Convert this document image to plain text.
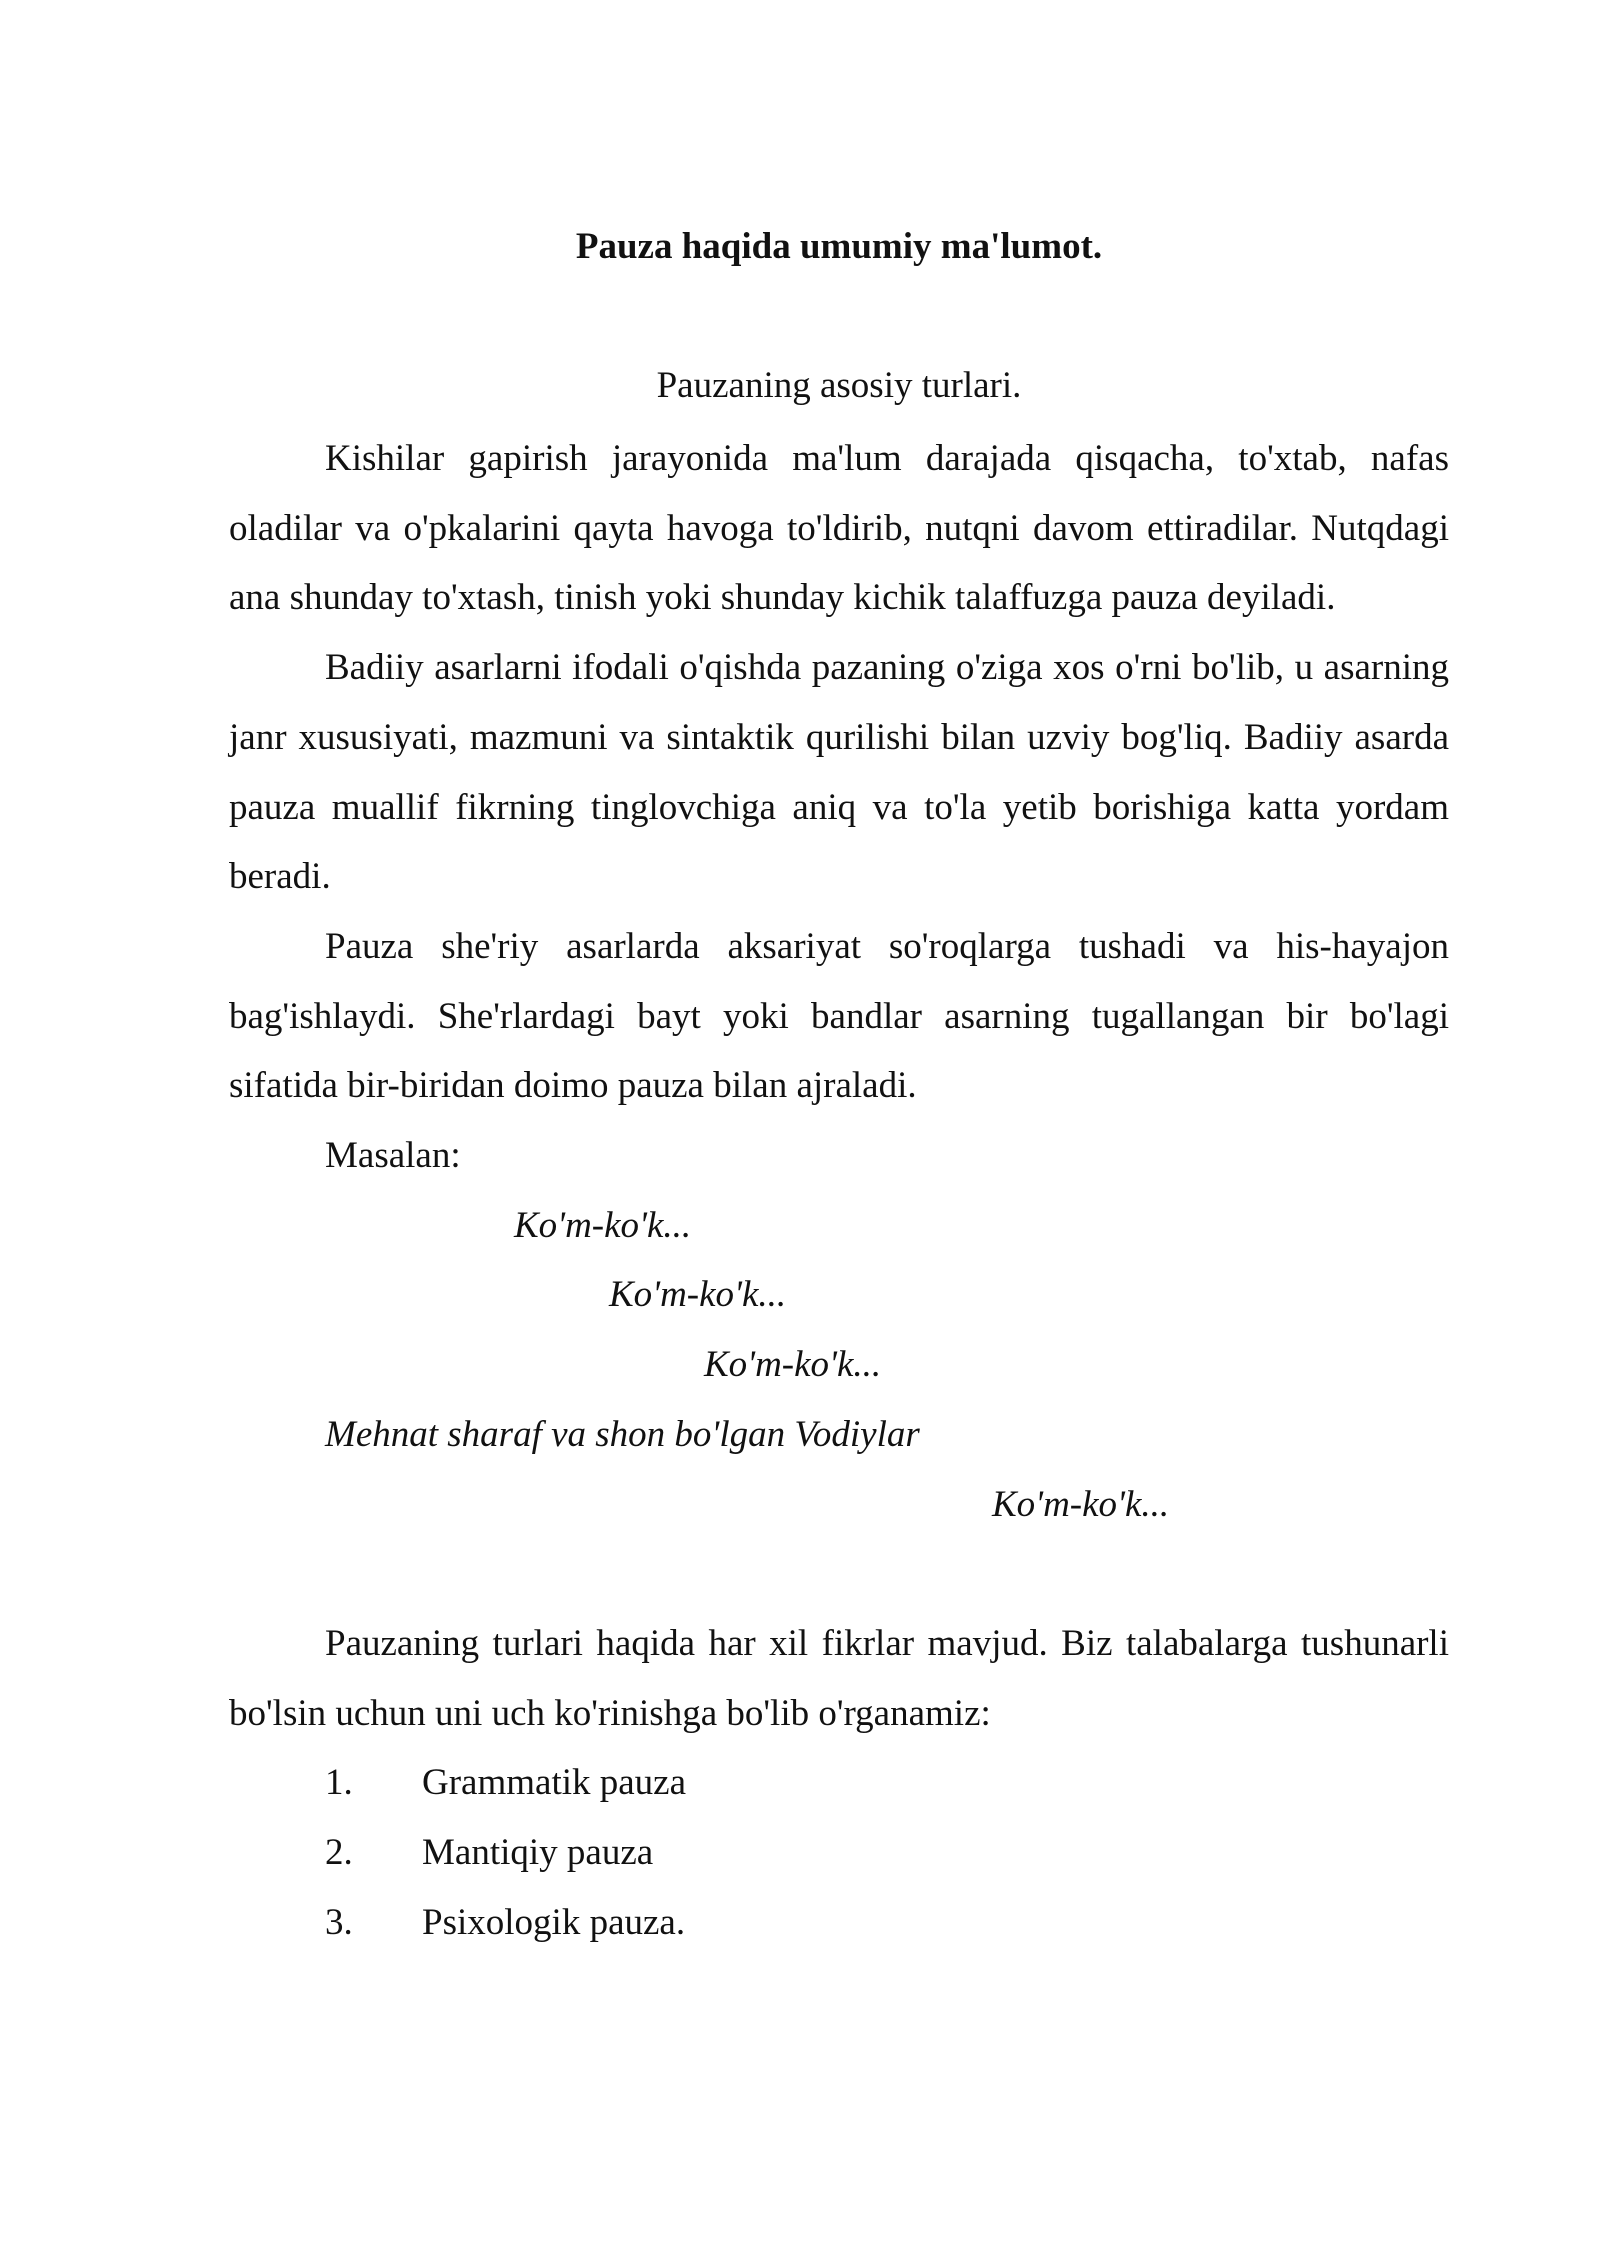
Pauza haqida umumiy ma'lumot.

Pauzaning asosiy turlari.

Kishilar gapirish jarayonida ma'lum darajada qisqacha, to'xtab, nafas oladilar va o'pkalarini qayta havoga to'ldirib, nutqni davom ettiradilar. Nutqdagi ana shunday to'xtash, tinish yoki shunday kichik talaffuzga pauza deyiladi.

Badiiy asarlarni ifodali o'qishda pazaning o'ziga xos o'rni bo'lib, u asarning janr xususiyati, mazmuni va sintaktik qurilishi bilan uzviy bog'liq. Badiiy asarda pauza muallif fikrning tinglovchiga aniq va to'la yetib borishiga katta yordam beradi.

Pauza she'riy asarlarda aksariyat so'roqlarga tushadi va his-hayajon bag'ishlaydi. She'rlardagi bayt yoki bandlar asarning tugallangan bir bo'lagi sifatida bir-biridan doimo pauza bilan ajraladi.

Masalan:

Ko'm-ko'k...

Ko'm-ko'k...

Ko'm-ko'k...

Mehnat sharaf va shon bo'lgan Vodiylar

Ko'm-ko'k...

Pauzaning turlari haqida har xil fikrlar mavjud. Biz talabalarga tushunarli bo'lsin uchun uni uch ko'rinishga bo'lib o'rganamiz:

1.	Grammatik pauza
2.	Mantiqiy pauza
3.	Psixologik pauza.
